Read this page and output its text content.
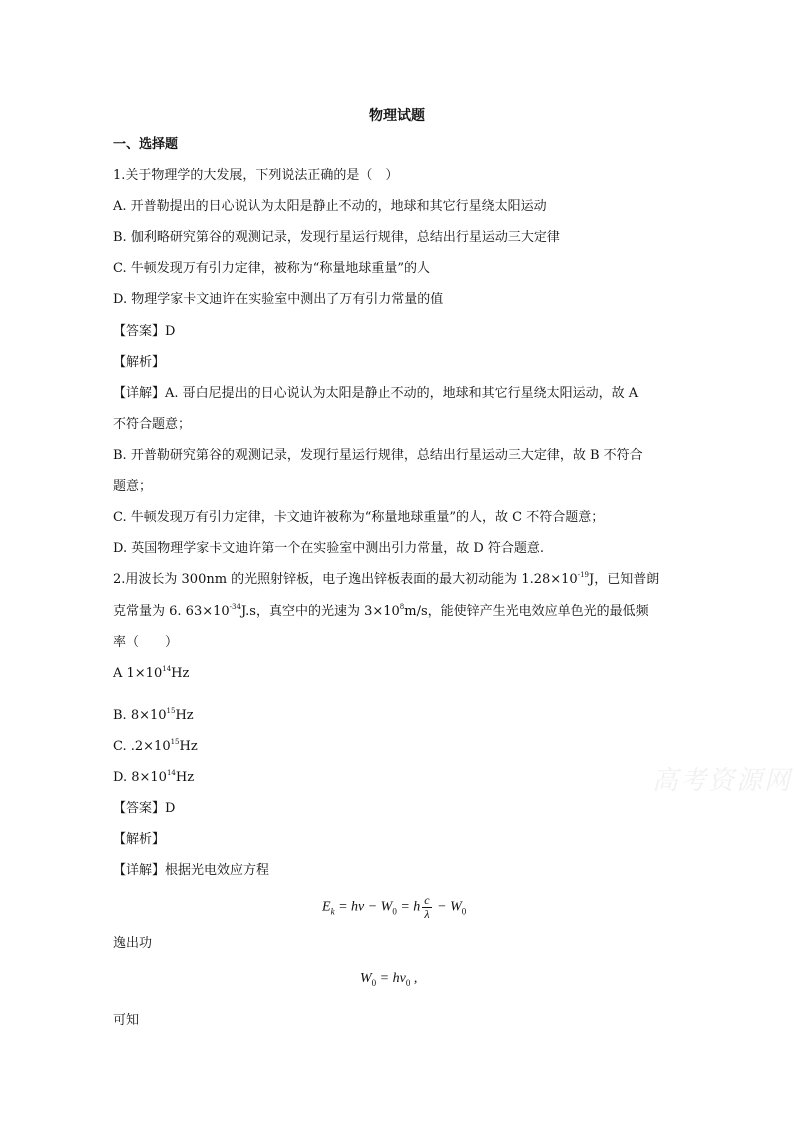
物理试题
一、选择题
1.关于物理学的大发展，下列说法正确的是（　）
A. 开普勒提出的日心说认为太阳是静止不动的，地球和其它行星绕太阳运动
B. 伽利略研究第谷的观测记录，发现行星运行规律，总结出行星运动三大定律
C. 牛顿发现万有引力定律，被称为“称量地球重量”的人
D. 物理学家卡文迪许在实验室中测出了万有引力常量的值
【答案】D
【解析】
【详解】A. 哥白尼提出的日心说认为太阳是静止不动的，地球和其它行星绕太阳运动，故 A
不符合题意；
B. 开普勒研究第谷的观测记录，发现行星运行规律，总结出行星运动三大定律，故 B 不符合
题意；
C. 牛顿发现万有引力定律，卡文迪许被称为“称量地球重量”的人，故 C 不符合题意；
D. 英国物理学家卡文迪许第一个在实验室中测出引力常量，故 D 符合题意.
2.用波长为 300nm 的光照射锌板，电子逸出锌板表面的最大初动能为 $1.28\times 10^{-19}J$，已知普朗
克常量为 6. $63\times 10^{-34}J.s$，真空中的光速为 $3\times 10^8m/s$，能使锌产生光电效应单色光的最低频
率（　　）
A $1\times 10^{14}Hz$
B. $8\times 10^{15}Hz$
C. $.2\times 10^{15}Hz$
D. $8\times 10^{14}Hz$
【答案】D
【解析】
【详解】根据光电效应方程
$E_k = h\nu - W_0 = h \frac{c}{\lambda} - W_0$
逸出功
$W_0 = h\nu_0$ ,
可知
高考资源网
